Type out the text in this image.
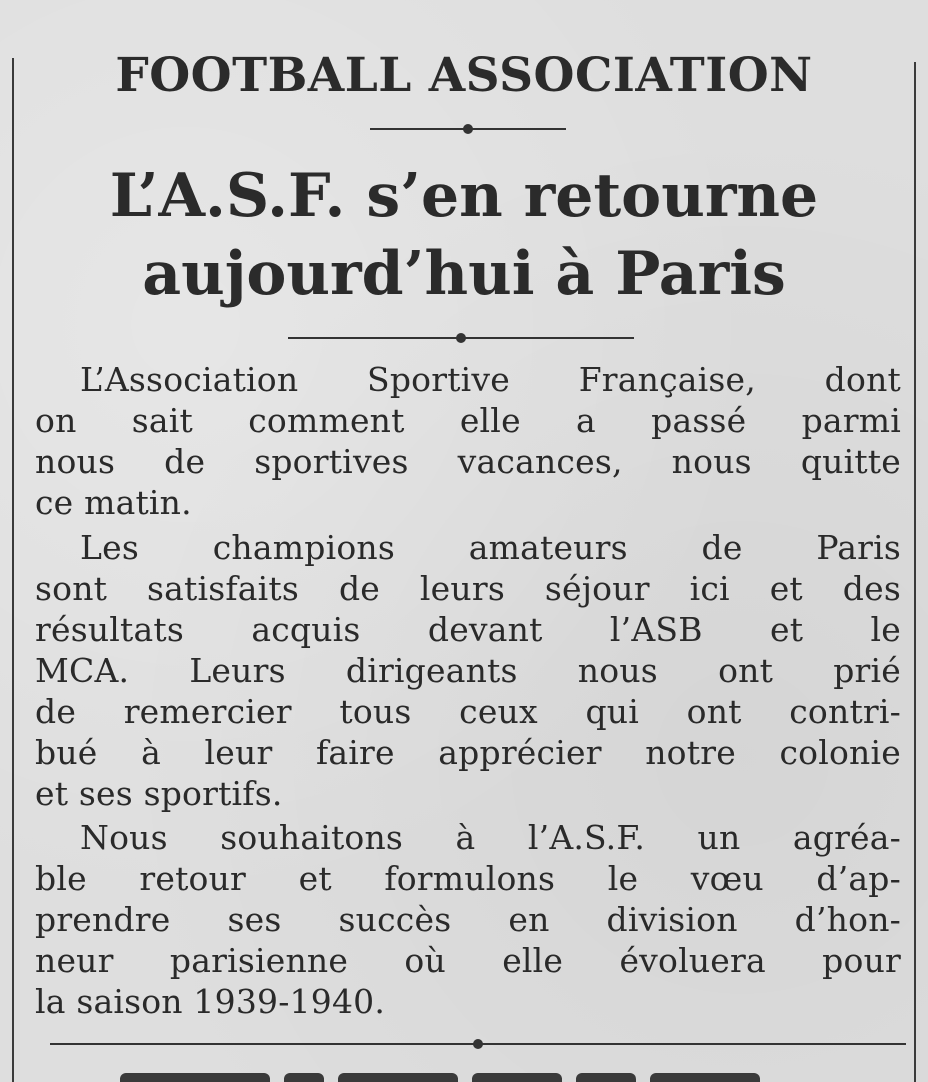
FOOTBALL ASSOCIATION
L’A.S.F. s’en retourne
aujourd’hui à Paris
L’Association Sportive Française, dont
on sait comment elle a passé parmi
nous de sportives vacances, nous quitte
ce matin.
Les champions amateurs de Paris
sont satisfaits de leurs séjour ici et des
résultats acquis devant l’ASB et le
MCA. Leurs dirigeants nous ont prié
de remercier tous ceux qui ont contri-
bué à leur faire apprécier notre colonie
et ses sportifs.
Nous souhaitons à l’A.S.F. un agréa-
ble retour et formulons le vœu d’ap-
prendre ses succès en division d’hon-
neur parisienne où elle évoluera pour
la saison 1939-1940.
